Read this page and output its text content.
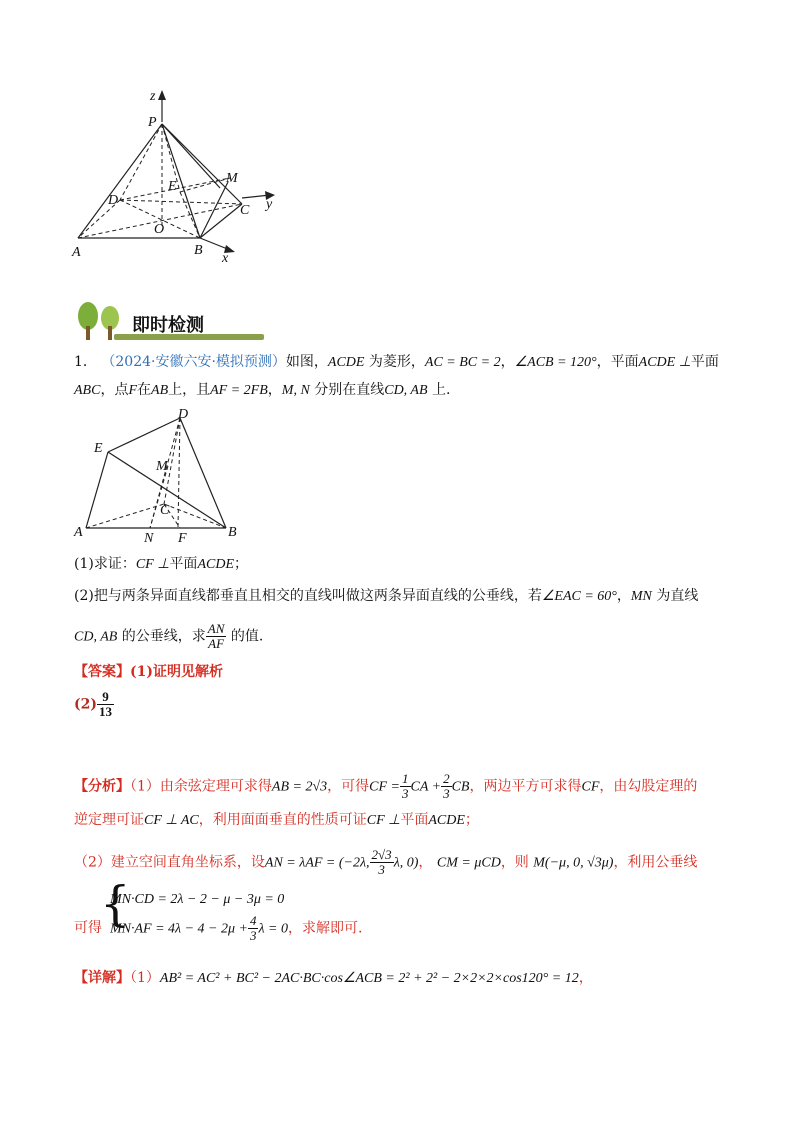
z
P
M
E
D	y
C
O
A	B
x
即时检测
1． （2024·安徽六安·模拟预测）如图，ACDE 为菱形，AC = BC = 2，∠ACB = 120°，平面ACDE ⊥平面
ABC，点F在AB上，且AF = 2FB，M, N 分别在直线CD, AB 上.
D
E
M
C
A	N F	B
(1)求证：CF ⊥平面ACDE；
(2)把与两条异面直线都垂直且相交的直线叫做这两条异面直线的公垂线，若∠EAC = 60°，MN 为直线
CD, AB 的公垂线，求 $\frac{AN}{AF}$ 的值.
【答案】(1)证明见解析
$(2) \frac{9}{13}$
【分析】（1）由余弦定理可求得AB = 2√3，可得CF = $\frac{1}{3}$ CA + $\frac{2}{3}$ CB，两边平方可求得CF，由勾股定理的
逆定理可证CF ⊥ AC，利用面面垂直的性质可证CF ⊥平面ACDE；
（2）建立空间直角坐标系，设AN = λAF = (−2λ, $\frac{2√3}{3} \lambda$, 0)， CM = μCD，则 M(−μ, 0, √3μ)，利用公垂线
可得
{
MN·CD = 2λ − 2 − μ − 3μ = 0
$MN\cdot AF = 4\lambda - 4 - 2\mu + \frac{4}{3}$ λ = 0，求解即可.
【详解】（1）AB² = AC² + BC² − 2AC·BC·cos∠ACB = 2² + 2² − 2×2×2×cos120° = 12，
